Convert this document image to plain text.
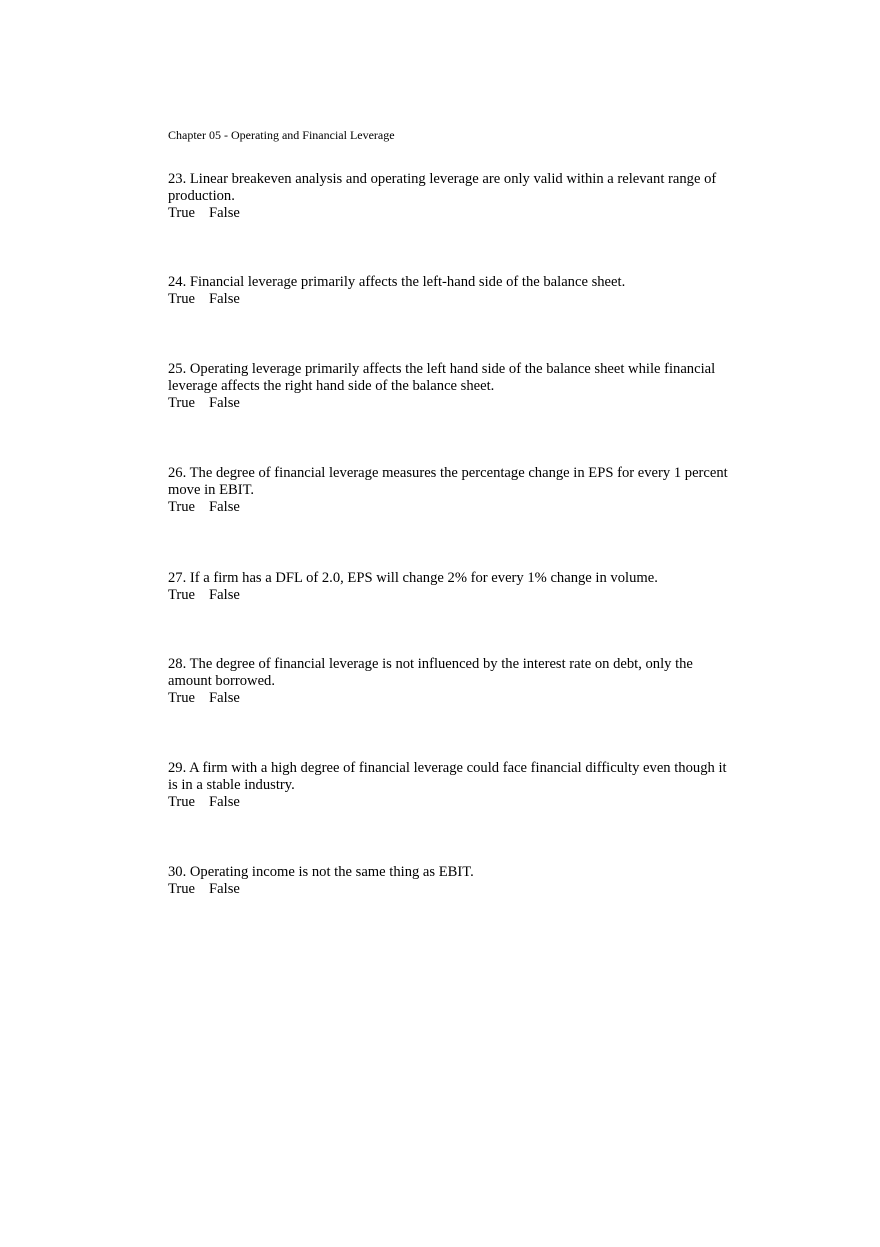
Chapter 05 - Operating and Financial Leverage

23. Linear breakeven analysis and operating leverage are only valid within a relevant range of production.

True False

24. Financial leverage primarily affects the left-hand side of the balance sheet.

True False

25. Operating leverage primarily affects the left hand side of the balance sheet while financial leverage affects the right hand side of the balance sheet.

True False

26. The degree of financial leverage measures the percentage change in EPS for every 1 percent move in EBIT.

True False

27. If a firm has a DFL of 2.0, EPS will change 2% for every 1% change in volume.

True False

28. The degree of financial leverage is not influenced by the interest rate on debt, only the amount borrowed.

True False

29. A firm with a high degree of financial leverage could face financial difficulty even though it is in a stable industry.

True False

30. Operating income is not the same thing as EBIT.

True False
